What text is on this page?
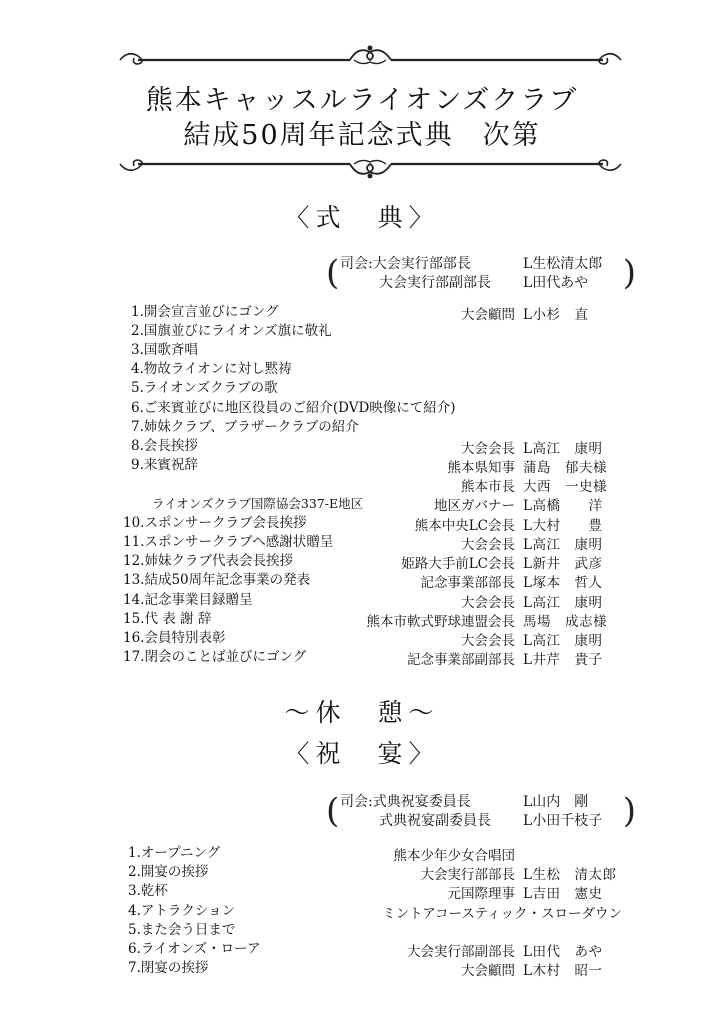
熊本キャッスルライオンズクラブ
結成50周年記念式典　次第
〈式　典〉
(	)
司会:大会実行部部長	L生松清太郎
大会実行部副部長 L田代あや
1.開会宣言並びにゴング	大会顧問 L小杉　直
2.国旗並びにライオンズ旗に敬礼
3.国歌斉唱
4.物故ライオンに対し黙祷
5.ライオンズクラブの歌
6.ご来賓並びに地区役員のご紹介(DVD映像にて紹介)
7.姉妹クラブ、ブラザークラブの紹介
8.会長挨拶	大会会長 L高江　康明
9.来賓祝辞	熊本県知事 蒲島　郁夫様
熊本市長 大西　一史様
ライオンズクラブ国際協会337-E地区	地区ガバナー L高橋　　洋
10.スポンサークラブ会長挨拶	熊本中央LC会長 L大村　　豊
11.スポンサークラブへ感謝状贈呈	大会会長 L高江　康明
12.姉妹クラブ代表会長挨拶	姫路大手前LC会長 L新井　武彦
13.結成50周年記念事業の発表	記念事業部部長 L塚本　哲人
14.記念事業目録贈呈	大会会長 L高江　康明
15.代 表 謝 辞	熊本市軟式野球連盟会長 馬場　成志様
16.会員特別表彰	大会会長 L高江　康明
17.閉会のことば並びにゴング	記念事業部副部長 L井芹　貴子
〜休　憩〜
〈祝　宴〉
(	)
司会:式典祝宴委員長	L山内　剛
式典祝宴副委員長 L小田千枝子
1.オープニング	熊本少年少女合唱団
2.開宴の挨拶	大会実行部部長 L生松　清太郎
3.乾杯	元国際理事 L吉田　憲史
4.アトラクション	ミントアコースティック・スローダウン
5.また会う日まで
6.ライオンズ・ローア	大会実行部副部長 L田代　あや
7.閉宴の挨拶	大会顧問 L木村　昭一
